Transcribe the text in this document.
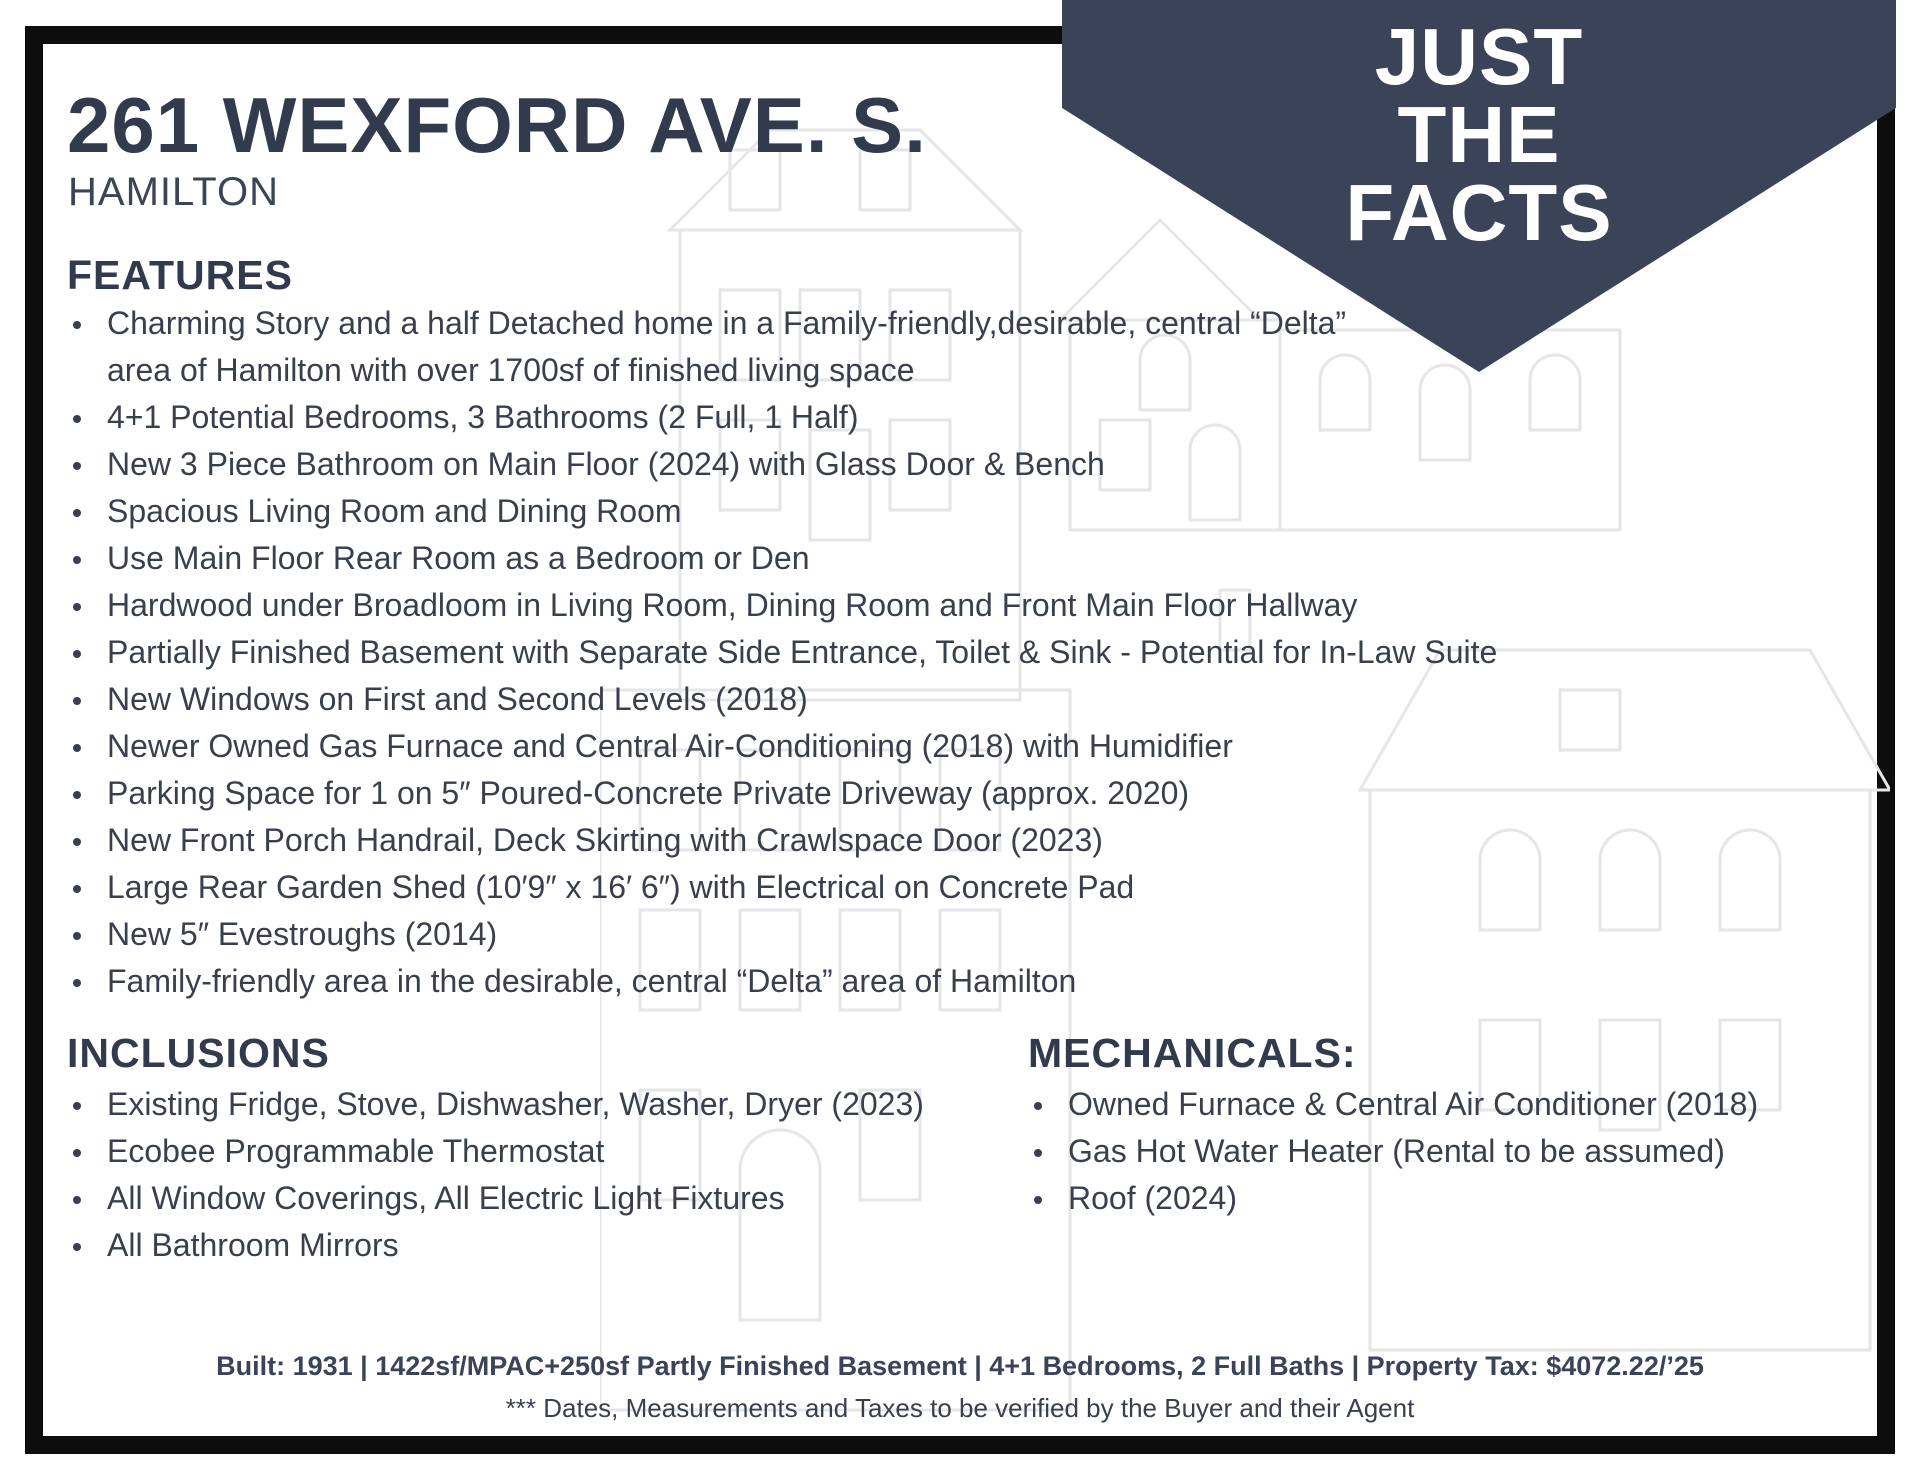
JUST
THE
FACTS
261 WEXFORD AVE. S.
HAMILTON
FEATURES
Charming Story and a half Detached home in a Family-friendly,desirable, central “Delta” area of Hamilton with over 1700sf of finished living space
4+1 Potential Bedrooms, 3 Bathrooms (2 Full, 1 Half)
New 3 Piece Bathroom on Main Floor (2024) with Glass Door & Bench
Spacious Living Room and Dining Room
Use Main Floor Rear Room as a Bedroom or Den
Hardwood under Broadloom in Living Room, Dining Room and Front Main Floor Hallway
Partially Finished Basement with Separate Side Entrance, Toilet & Sink - Potential for In-Law Suite
New Windows on First and Second Levels (2018)
Newer Owned Gas Furnace and Central Air-Conditioning (2018) with Humidifier
Parking Space for 1 on 5″ Poured-Concrete Private Driveway (approx. 2020)
New Front Porch Handrail, Deck Skirting with Crawlspace Door (2023)
Large Rear Garden Shed (10′9″ x 16′ 6″) with Electrical on Concrete Pad
New 5″ Evestroughs (2014)
Family-friendly area in the desirable, central “Delta” area of Hamilton
INCLUSIONS
Existing Fridge, Stove, Dishwasher, Washer, Dryer (2023)
Ecobee Programmable Thermostat
All Window Coverings, All Electric Light Fixtures
All Bathroom Mirrors
MECHANICALS:
Owned Furnace & Central Air Conditioner (2018)
Gas Hot Water Heater (Rental to be assumed)
Roof (2024)
Built: 1931 | 1422sf/MPAC+250sf Partly Finished Basement | 4+1 Bedrooms, 2 Full Baths | Property Tax: $4072.22/’25
*** Dates, Measurements and Taxes to be verified by the Buyer and their Agent
